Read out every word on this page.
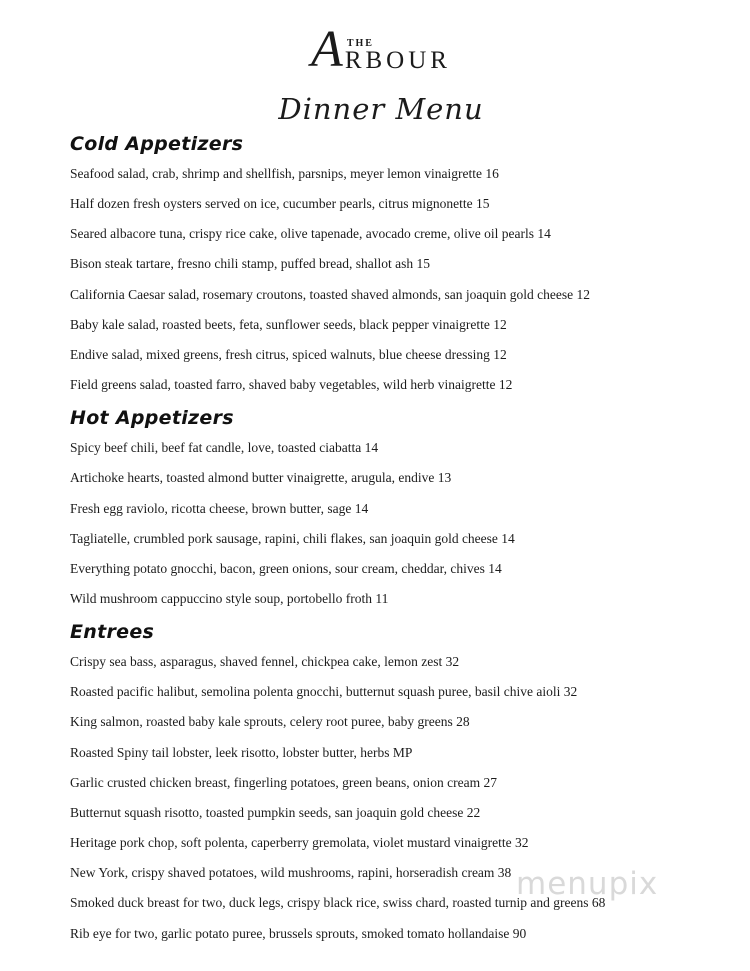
A THE
RBOUR
Dinner Menu
Cold Appetizers

Seafood salad, crab, shrimp and shellfish, parsnips, meyer lemon vinaigrette 16

Half dozen fresh oysters served on ice, cucumber pearls, citrus mignonette 15

Seared albacore tuna, crispy rice cake, olive tapenade, avocado creme, olive oil pearls 14

Bison steak tartare, fresno chili stamp, puffed bread, shallot ash 15

California Caesar salad, rosemary croutons, toasted shaved almonds, san joaquin gold cheese 12

Baby kale salad, roasted beets, feta, sunflower seeds, black pepper vinaigrette 12

Endive salad, mixed greens, fresh citrus, spiced walnuts, blue cheese dressing 12

Field greens salad, toasted farro, shaved baby vegetables, wild herb vinaigrette 12

Hot Appetizers

Spicy beef chili, beef fat candle, love, toasted ciabatta 14

Artichoke hearts, toasted almond butter vinaigrette, arugula, endive 13

Fresh egg raviolo, ricotta cheese, brown butter, sage 14

Tagliatelle, crumbled pork sausage, rapini, chili flakes, san joaquin gold cheese 14

Everything potato gnocchi, bacon, green onions, sour cream, cheddar, chives 14

Wild mushroom cappuccino style soup, portobello froth 11

Entrees

Crispy sea bass, asparagus, shaved fennel, chickpea cake, lemon zest 32

Roasted pacific halibut, semolina polenta gnocchi, butternut squash puree, basil chive aioli 32

King salmon, roasted baby kale sprouts, celery root puree, baby greens 28

Roasted Spiny tail lobster, leek risotto, lobster butter, herbs MP

Garlic crusted chicken breast, fingerling potatoes, green beans, onion cream 27

Butternut squash risotto, toasted pumpkin seeds, san joaquin gold cheese 22

Heritage pork chop, soft polenta, caperberry gremolata, violet mustard vinaigrette 32

New York, crispy shaved potatoes, wild mushrooms, rapini, horseradish cream 38

Smoked duck breast for two, duck legs, crispy black rice, swiss chard, roasted turnip and greens 68

Rib eye for two, garlic potato puree, brussels sprouts, smoked tomato hollandaise 90

menupix
